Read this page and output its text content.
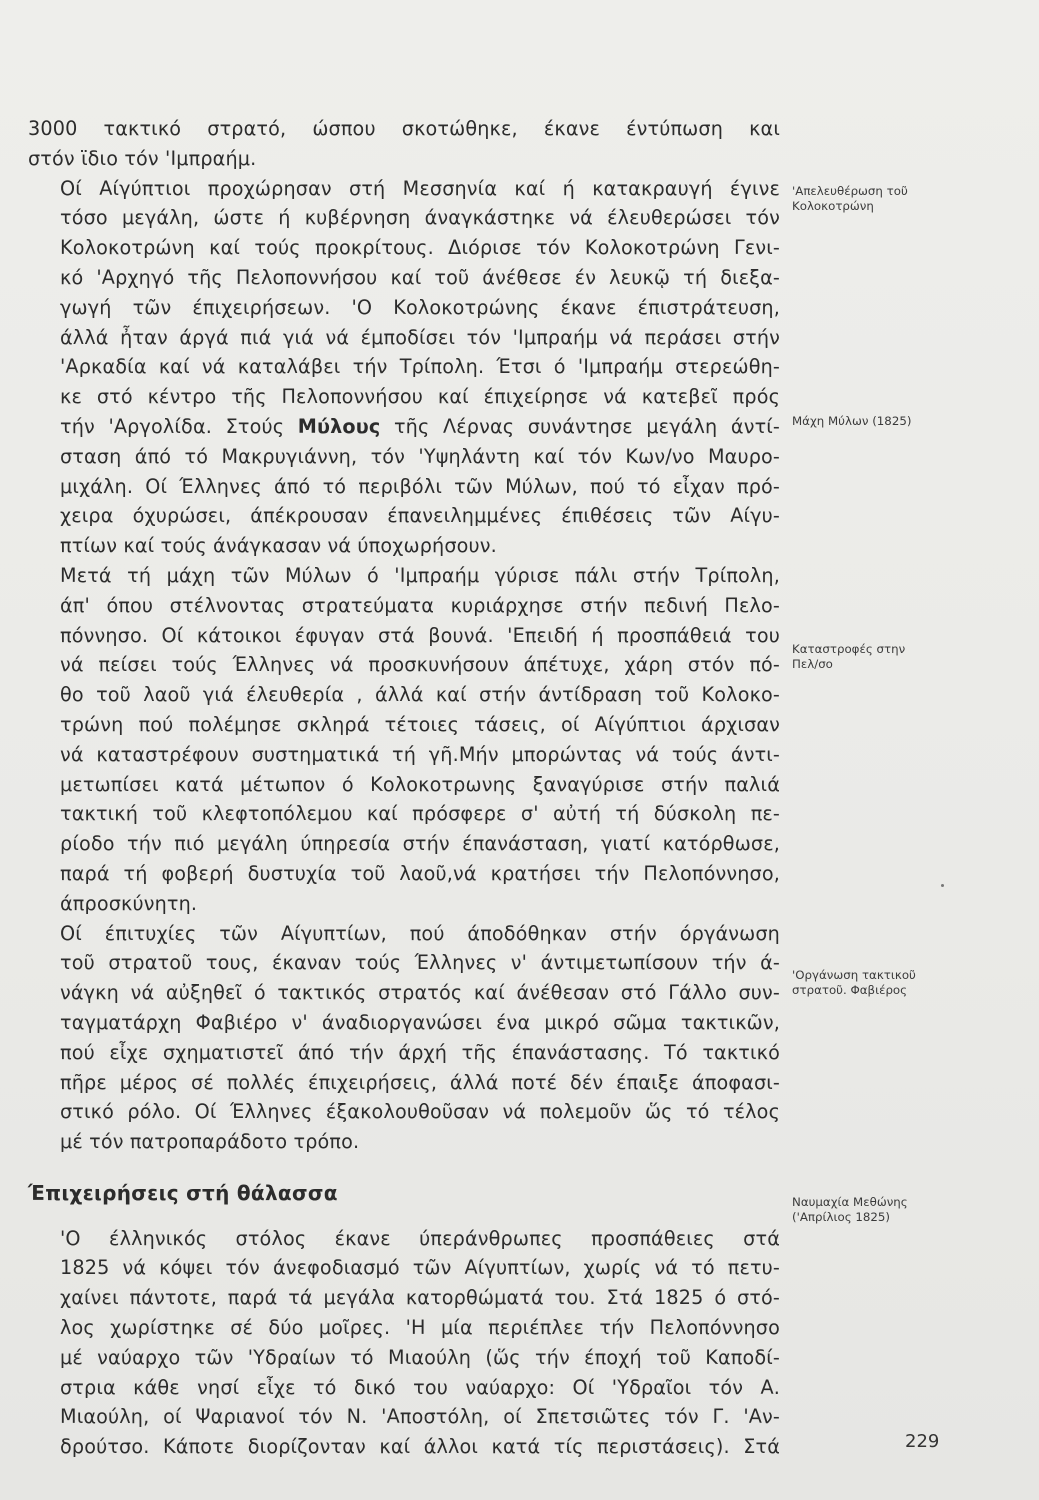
3000 τακτικό στρατό, ώσπου σκοτώθηκε, έκανε έντύπωση και
στόν ϊδιο τόν 'Ιμπραήμ.

Οί Αίγύπτιοι προχώρησαν στή Μεσσηνία καί ή κατακραυγή έγινε
τόσο μεγάλη, ώστε ή κυβέρνηση άναγκάστηκε νά έλευθερώσει τόν
Κολοκοτρώνη καί τούς προκρίτους. Διόρισε τόν Κολοκοτρώνη Γενι-
κό 'Αρχηγό τῆς Πελοποννήσου καί τοῦ άνέθεσε έν λευκῷ τή διεξα-
γωγή τῶν έπιχειρήσεων. 'Ο Κολοκοτρώνης έκανε έπιστράτευση,
άλλά ἦταν άργά πιά γιά νά έμποδίσει τόν 'Ιμπραήμ νά περάσει στήν
'Αρκαδία καί νά καταλάβει τήν Τρίπολη. Έτσι ό 'Ιμπραήμ στερεώθη-
κε στό κέντρο τῆς Πελοποννήσου καί έπιχείρησε νά κατεβεῖ πρός
τήν 'Αργολίδα. Στούς Μύλους τῆς Λέρνας συνάντησε μεγάλη άντί-
σταση άπό τό Μακρυγιάννη, τόν 'Υψηλάντη καί τόν Κων/νο Μαυρο-
μιχάλη. Οί Έλληνες άπό τό περιβόλι τῶν Μύλων, πού τό εἶχαν πρό-
χειρα όχυρώσει, άπέκρουσαν έπανειλημμένες έπιθέσεις τῶν Αίγυ-
πτίων καί τούς άνάγκασαν νά ύποχωρήσουν.

Μετά τή μάχη τῶν Μύλων ό 'Ιμπραήμ γύρισε πάλι στήν Τρίπολη,
άπ' όπου στέλνοντας στρατεύματα κυριάρχησε στήν πεδινή Πελο-
πόννησο. Οί κάτοικοι έφυγαν στά βουνά. 'Επειδή ή προσπάθειά του
νά πείσει τούς Έλληνες νά προσκυνήσουν άπέτυχε, χάρη στόν πό-
θο τοῦ λαοῦ γιά έλευθερία , άλλά καί στήν άντίδραση τοῦ Κολοκο-
τρώνη πού πολέμησε σκληρά τέτοιες τάσεις, οί Αίγύπτιοι άρχισαν
νά καταστρέφουν συστηματικά τή γῆ.Μήν μπορώντας νά τούς άντι-
μετωπίσει κατά μέτωπον ό Κολοκοτρωνης ξαναγύρισε στήν παλιά
τακτική τοῦ κλεφτοπόλεμου καί πρόσφερε σ' αὐτή τή δύσκολη πε-
ρίοδο τήν πιό μεγάλη ύπηρεσία στήν έπανάσταση, γιατί κατόρθωσε,
παρά τή φοβερή δυστυχία τοῦ λαοῦ,νά κρατήσει τήν Πελοπόννησο,
άπροσκύνητη.

Οί έπιτυχίες τῶν Αίγυπτίων, πού άποδόθηκαν στήν όργάνωση
τοῦ στρατοῦ τους, έκαναν τούς Έλληνες ν' άντιμετωπίσουν τήν ά-
νάγκη νά αὐξηθεῖ ό τακτικός στρατός καί άνέθεσαν στό Γάλλο συν-
ταγματάρχη Φαβιέρο ν' άναδιοργανώσει ένα μικρό σῶμα τακτικῶν,
πού εἶχε σχηματιστεῖ άπό τήν άρχή τῆς έπανάστασης. Τό τακτικό
πῆρε μέρος σέ πολλές έπιχειρήσεις, άλλά ποτέ δέν έπαιξε άποφασι-
στικό ρόλο. Οί Έλληνες έξακολουθοῦσαν νά πολεμοῦν ὥς τό τέλος
μέ τόν πατροπαράδοτο τρόπο.

Έπιχειρήσεις στή θάλασσα

'Ο έλληνικός στόλος έκανε ύπεράνθρωπες προσπάθειες στά
1825 νά κόψει τόν άνεφοδιασμό τῶν Αίγυπτίων, χωρίς νά τό πετυ-
χαίνει πάντοτε, παρά τά μεγάλα κατορθώματά του. Στά 1825 ό στό-
λος χωρίστηκε σέ δύο μοῖρες. 'Η μία περιέπλεε τήν Πελοπόννησο
μέ ναύαρχο τῶν 'Υδραίων τό Μιαούλη (ὥς τήν έποχή τοῦ Καποδί-
στρια κάθε νησί εἶχε τό δικό του ναύαρχο: Οί 'Υδραῖοι τόν Α.
Μιαούλη, οί Ψαριανοί τόν Ν. 'Αποστόλη, οί Σπετσιῶτες τόν Γ. 'Αν-
δρούτσο. Κάποτε διορίζονταν καί άλλοι κατά τίς περιστάσεις). Στά

'Απελευθέρωση τοῦ
Κολοκοτρώνη
Μάχη Μύλων (1825)
Καταστροφές στην
Πελ/σο
'Οργάνωση τακτικοῦ
στρατοῦ. Φαβιέρος
Ναυμαχία Μεθώνης
('Απρίλιος 1825)
229
